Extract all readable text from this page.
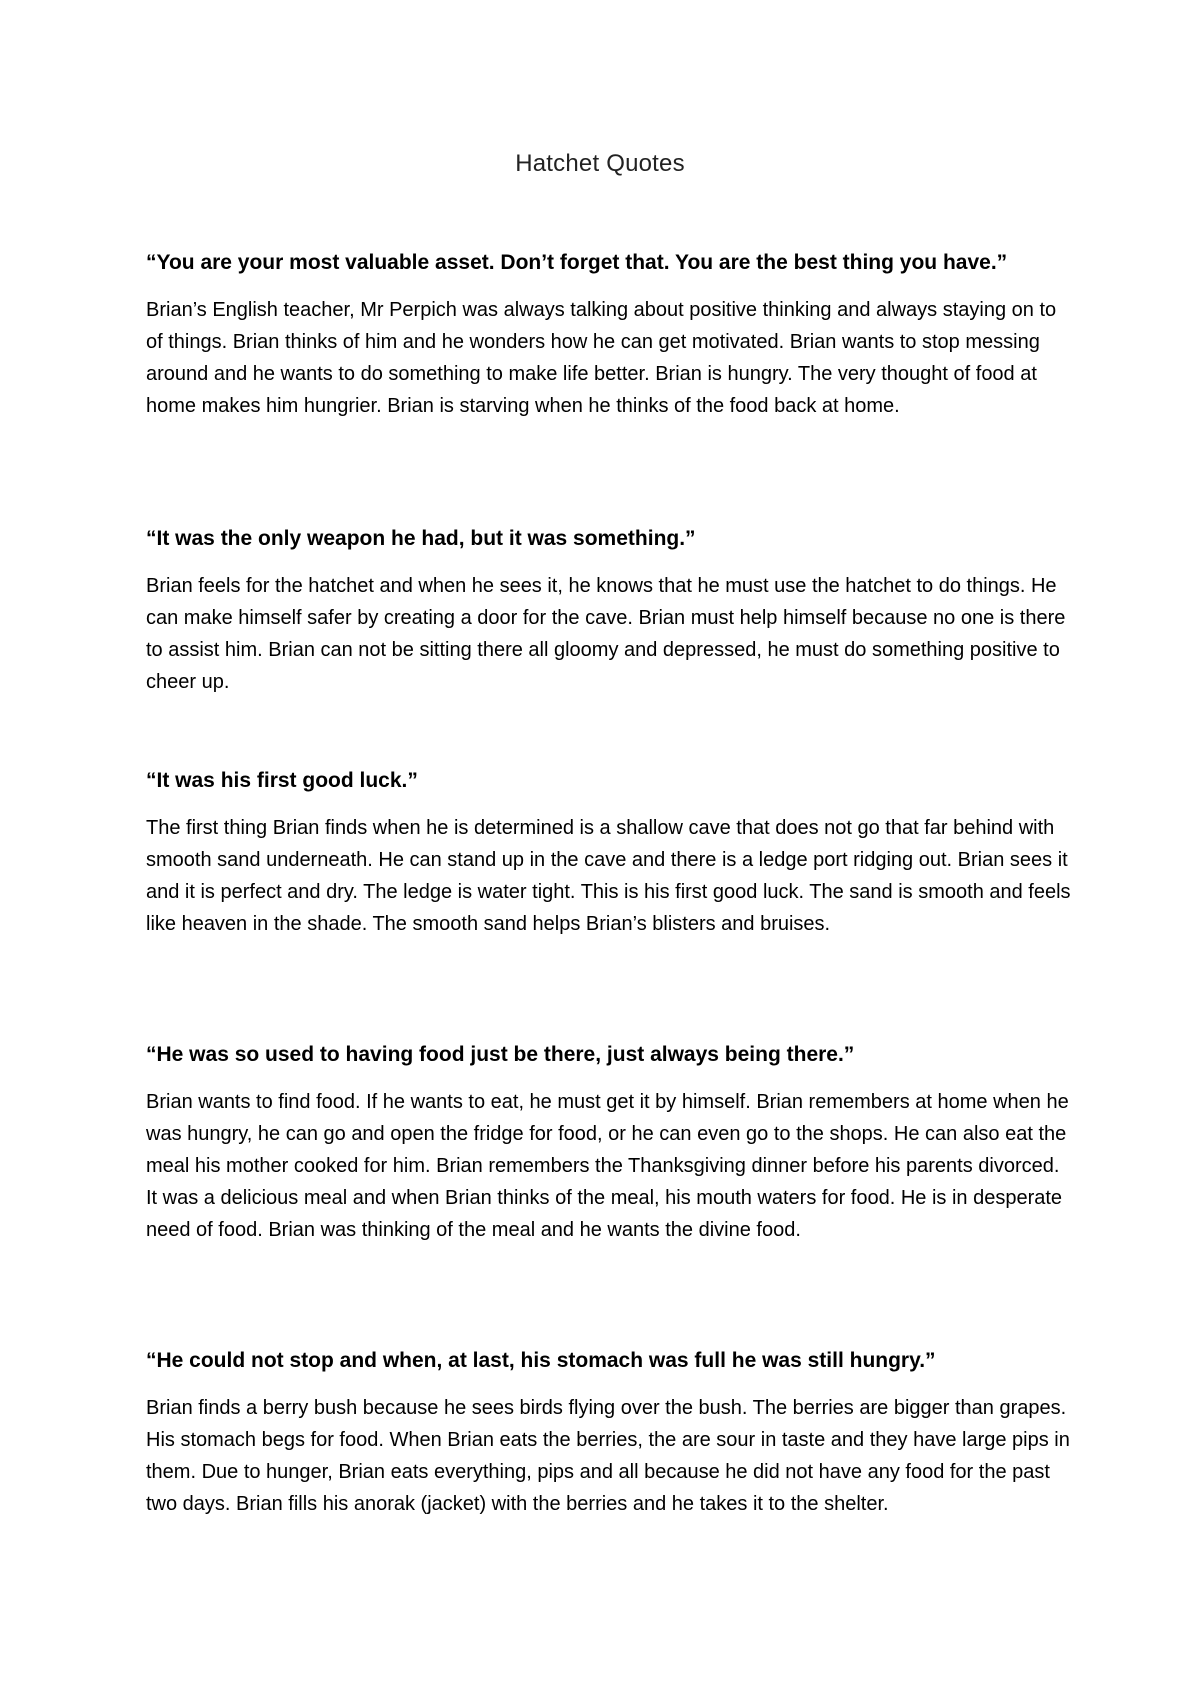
Hatchet Quotes

“You are your most valuable asset. Don’t forget that. You are the best thing you have.”

Brian’s English teacher, Mr Perpich was always talking about positive thinking and always staying on to of things. Brian thinks of him and he wonders how he can get motivated. Brian wants to stop messing around and he wants to do something to make life better. Brian is hungry. The very thought of food at home makes him hungrier. Brian is starving when he thinks of the food back at home.

“It was the only weapon he had, but it was something.”

Brian feels for the hatchet and when he sees it, he knows that he must use the hatchet to do things. He can make himself safer by creating a door for the cave. Brian must help himself because no one is there to assist him. Brian can not be sitting there all gloomy and depressed, he must do something positive to cheer up.

“It was his first good luck.”

The first thing Brian finds when he is determined is a shallow cave that does not go that far behind with smooth sand underneath. He can stand up in the cave and there is a ledge port ridging out. Brian sees it and it is perfect and dry. The ledge is water tight. This is his first good luck. The sand is smooth and feels like heaven in the shade. The smooth sand helps Brian’s blisters and bruises.

“He was so used to having food just be there, just always being there.”

Brian wants to find food. If he wants to eat, he must get it by himself. Brian remembers at home when he was hungry, he can go and open the fridge for food, or he can even go to the shops. He can also eat the meal his mother cooked for him. Brian remembers the Thanksgiving dinner before his parents divorced. It was a delicious meal and when Brian thinks of the meal, his mouth waters for food. He is in desperate need of food. Brian was thinking of the meal and he wants the divine food.

“He could not stop and when, at last, his stomach was full he was still hungry.”

Brian finds a berry bush because he sees birds flying over the bush. The berries are bigger than grapes. His stomach begs for food. When Brian eats the berries, the are sour in taste and they have large pips in them. Due to hunger, Brian eats everything, pips and all because he did not have any food for the past two days. Brian fills his anorak (jacket) with the berries and he takes it to the shelter.
